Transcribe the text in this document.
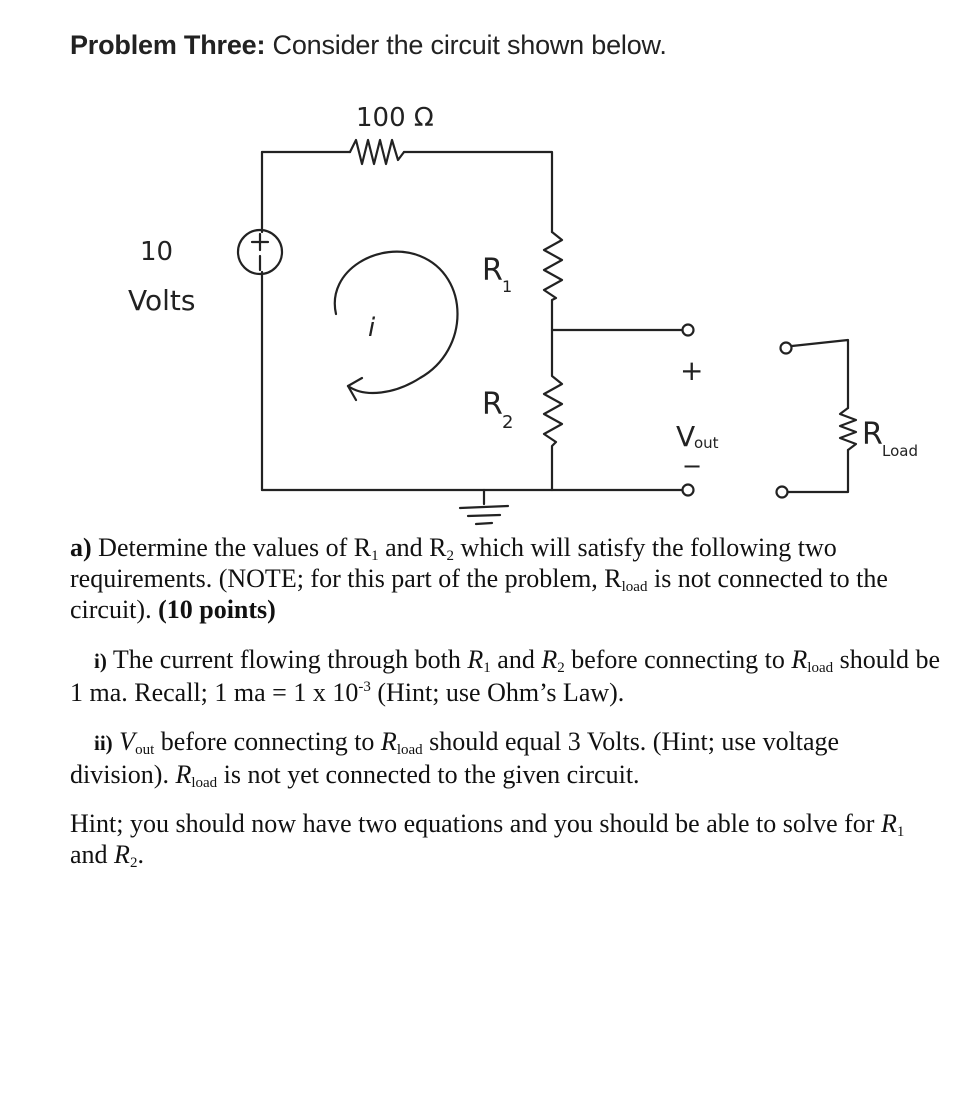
Problem Three: Consider the circuit shown below.
100 Ω
10
Volts
i
R 1
R
2
+
V
out
−
R Load
a) Determine the values of $R_1$ and $R_2$ which will satisfy the following two requirements. (NOTE; for this part of the problem, $R_{load}$ is not connected to the circuit). (10 points)
i) The current flowing through both $R_1$ and $R_2$ before connecting to $R_{load}$ should be 1 ma. Recall; 1 ma = 1 x $10^{-3}$ (Hint; use Ohm’s Law).
ii) $V_{out}$ before connecting to $R_{load}$ should equal 3 Volts. (Hint; use voltage division). $R_{load}$ is not yet connected to the given circuit.
Hint; you should now have two equations and you should be able to solve for $R_1$ and $R_2$.
